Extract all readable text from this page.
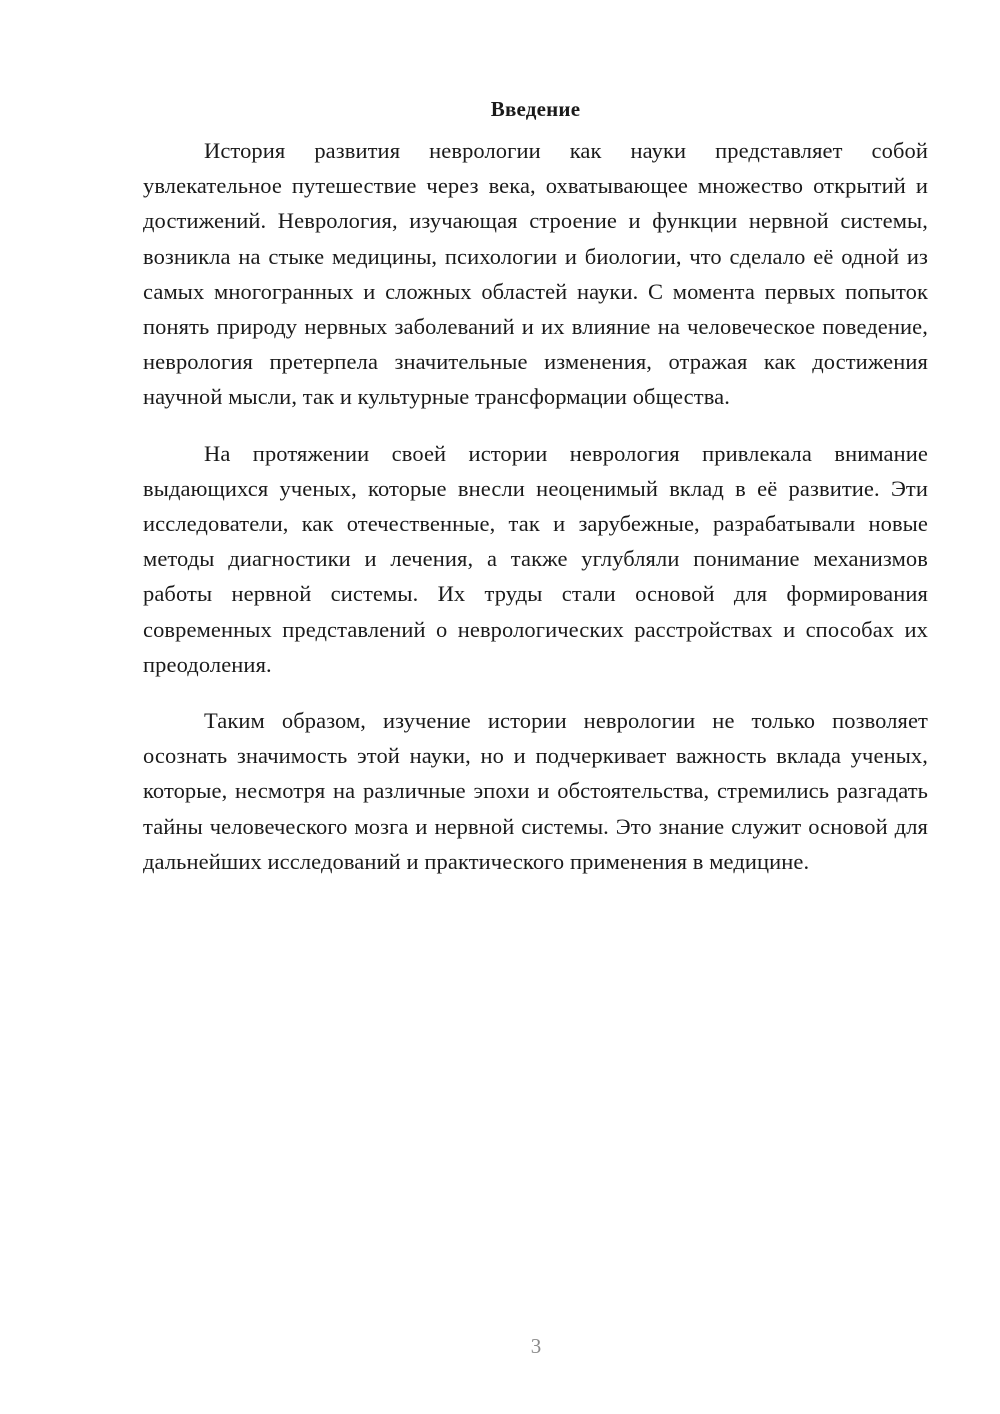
Введение

История развития неврологии как науки представляет собой увлекательное путешествие через века, охватывающее множество открытий и достижений. Неврология, изучающая строение и функции нервной системы, возникла на стыке медицины, психологии и биологии, что сделало её одной из самых многогранных и сложных областей науки. С момента первых попыток понять природу нервных заболеваний и их влияние на человеческое поведение, неврология претерпела значительные изменения, отражая как достижения научной мысли, так и культурные трансформации общества.

На протяжении своей истории неврология привлекала внимание выдающихся ученых, которые внесли неоценимый вклад в её развитие. Эти исследователи, как отечественные, так и зарубежные, разрабатывали новые методы диагностики и лечения, а также углубляли понимание механизмов работы нервной системы. Их труды стали основой для формирования современных представлений о неврологических расстройствах и способах их преодоления.

Таким образом, изучение истории неврологии не только позволяет осознать значимость этой науки, но и подчеркивает важность вклада ученых, которые, несмотря на различные эпохи и обстоятельства, стремились разгадать тайны человеческого мозга и нервной системы. Это знание служит основой для дальнейших исследований и практического применения в медицине.

3
